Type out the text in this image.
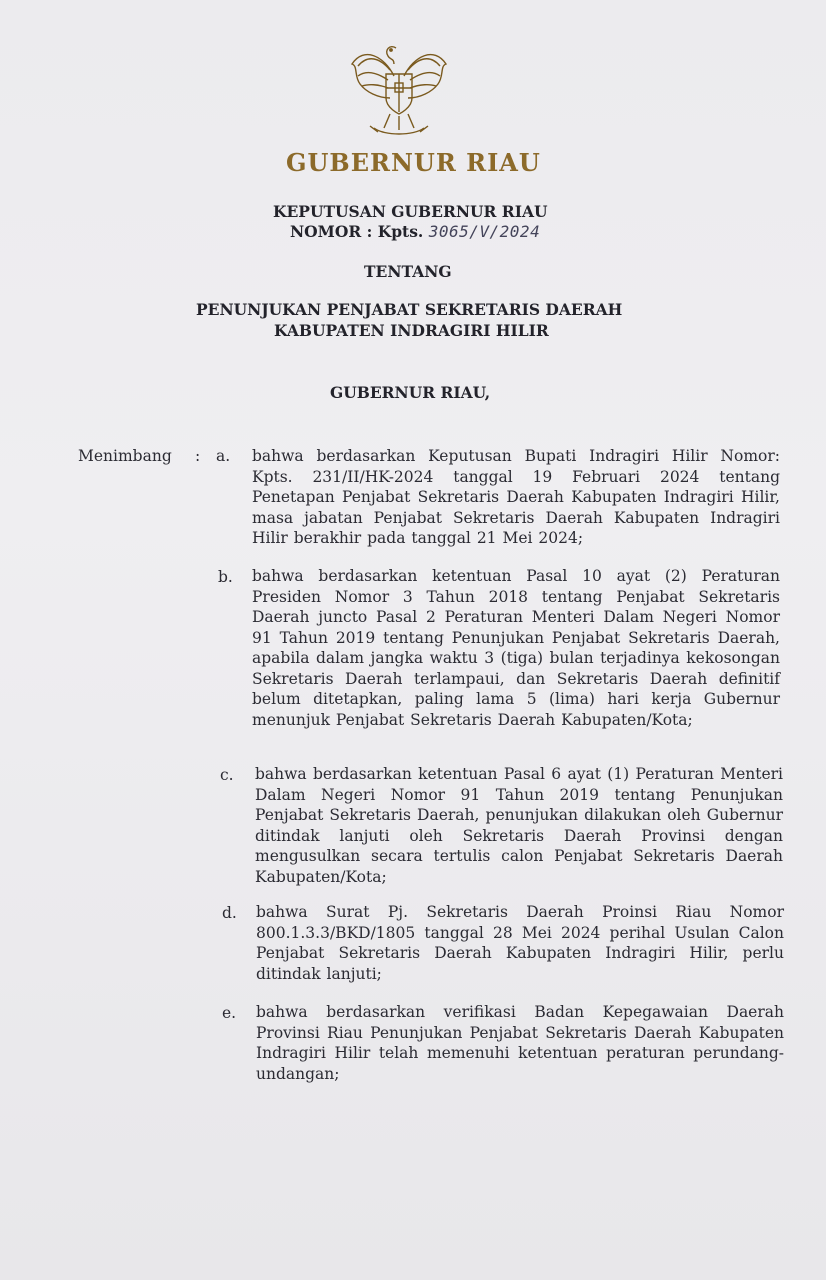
GUBERNUR RIAU
KEPUTUSAN GUBERNUR RIAU
NOMOR : Kpts. 3065/V/2024
TENTANG
PENUNJUKAN PENJABAT SEKRETARIS DAERAH
KABUPATEN INDRAGIRI HILIR
GUBERNUR RIAU,
Menimbang : a. bahwa berdasarkan Keputusan Bupati Indragiri Hilir Nomor: Kpts. 231/II/HK-2024 tanggal 19 Februari 2024 tentang Penetapan Penjabat Sekretaris Daerah Kabupaten Indragiri Hilir, masa jabatan Penjabat Sekretaris Daerah Kabupaten Indragiri Hilir berakhir pada tanggal 21 Mei 2024;
b. bahwa berdasarkan ketentuan Pasal 10 ayat (2) Peraturan Presiden Nomor 3 Tahun 2018 tentang Penjabat Sekretaris Daerah juncto Pasal 2 Peraturan Menteri Dalam Negeri Nomor 91 Tahun 2019 tentang Penunjukan Penjabat Sekretaris Daerah, apabila dalam jangka waktu 3 (tiga) bulan terjadinya kekosongan Sekretaris Daerah terlampaui, dan Sekretaris Daerah definitif belum ditetapkan, paling lama 5 (lima) hari kerja Gubernur menunjuk Penjabat Sekretaris Daerah Kabupaten/Kota;
c. bahwa berdasarkan ketentuan Pasal 6 ayat (1) Peraturan Menteri Dalam Negeri Nomor 91 Tahun 2019 tentang Penunjukan Penjabat Sekretaris Daerah, penunjukan dilakukan oleh Gubernur ditindak lanjuti oleh Sekretaris Daerah Provinsi dengan mengusulkan secara tertulis calon Penjabat Sekretaris Daerah Kabupaten/Kota;
d. bahwa Surat Pj. Sekretaris Daerah Proinsi Riau Nomor 800.1.3.3/BKD/1805 tanggal 28 Mei 2024 perihal Usulan Calon Penjabat Sekretaris Daerah Kabupaten Indragiri Hilir, perlu ditindak lanjuti;
e. bahwa berdasarkan verifikasi Badan Kepegawaian Daerah Provinsi Riau Penunjukan Penjabat Sekretaris Daerah Kabupaten Indragiri Hilir telah memenuhi ketentuan peraturan perundang-undangan;
